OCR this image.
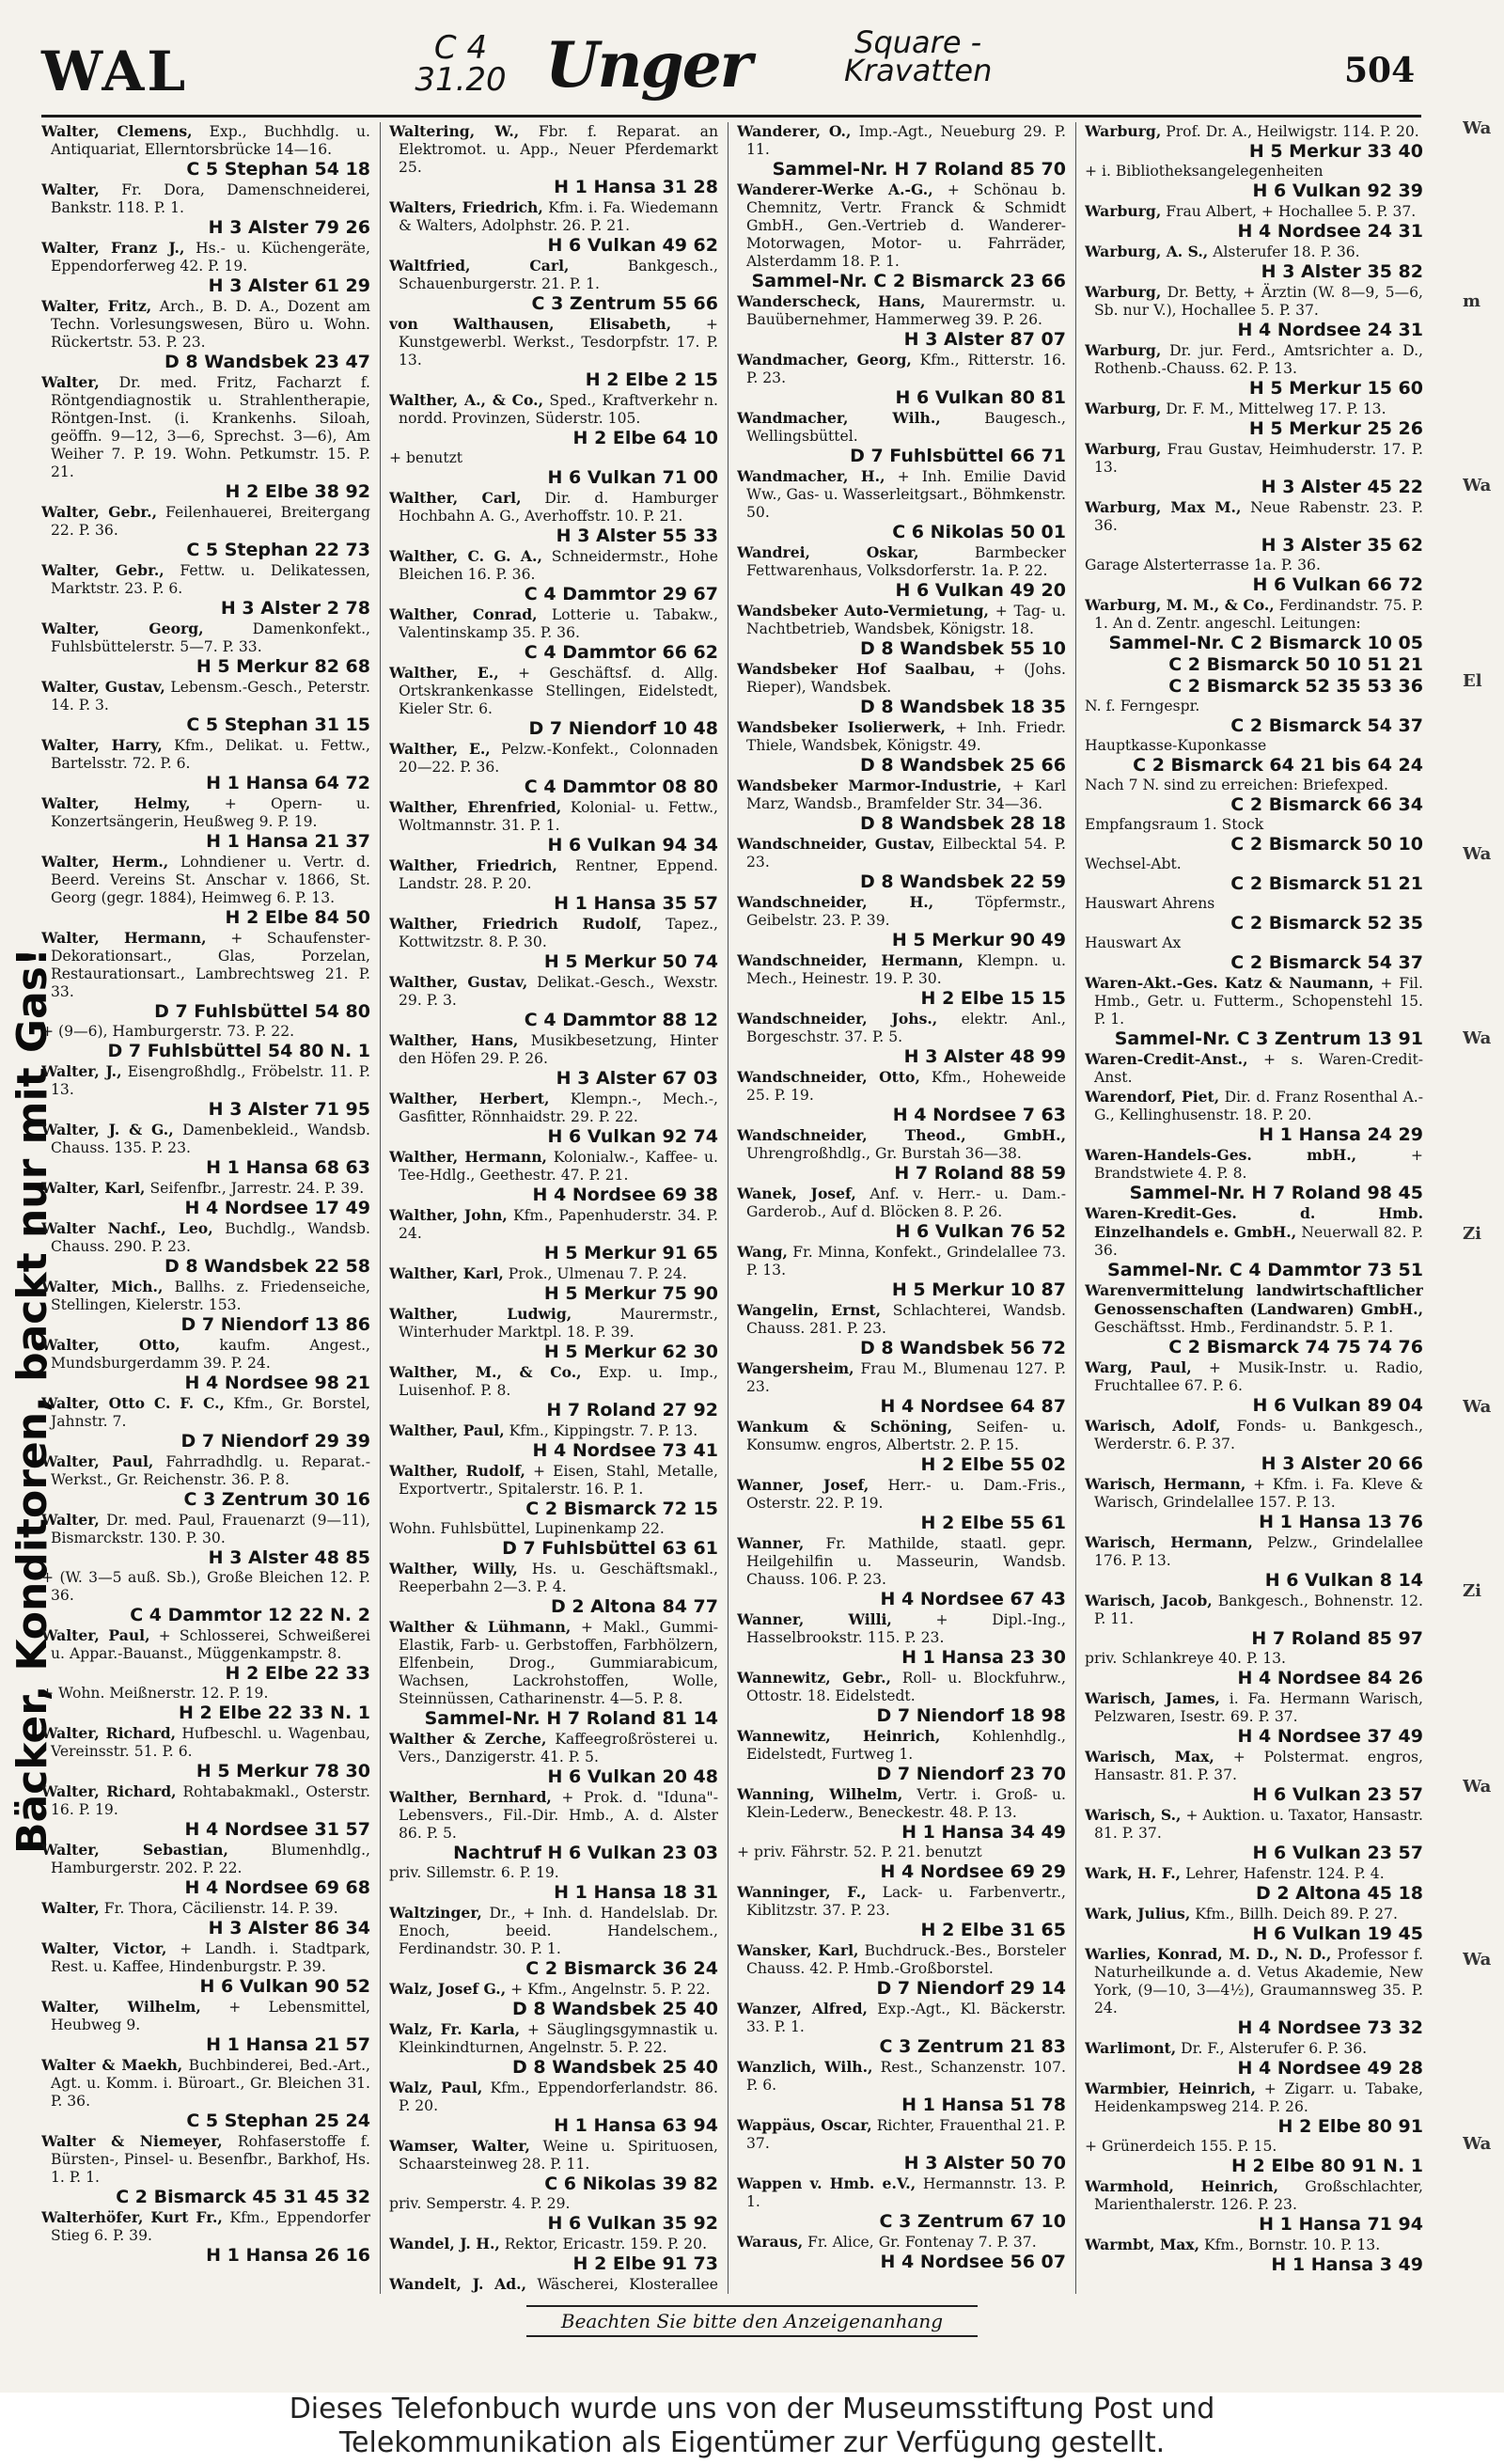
WAL	C 4
31.20 Unger	Square -
Kravatten	504
Bäcker, Konditoren, backt nur mit Gas!
Walter, Clemens, Exp., Buchhdlg. u. Antiquariat, Ellerntorsbrücke 14—16.
C 5 Stephan 54 18
Walter, Fr. Dora, Damenschneiderei, Bankstr. 118. P. 1.
H 3 Alster 79 26
Walter, Franz J., Hs.- u. Küchengeräte, Eppendorferweg 42. P. 19.
H 3 Alster 61 29
Walter, Fritz, Arch., B. D. A., Dozent am Techn. Vorlesungswesen, Büro u. Wohn. Rückertstr. 53. P. 23.
D 8 Wandsbek 23 47
Walter, Dr. med. Fritz, Facharzt f. Röntgendiagnostik u. Strahlentherapie, Röntgen-Inst. (i. Krankenhs. Siloah, geöffn. 9—12, 3—6, Sprechst. 3—6), Am Weiher 7. P. 19. Wohn. Petkumstr. 15. P. 21.
H 2 Elbe 38 92
Walter, Gebr., Feilenhauerei, Breitergang 22. P. 36.
C 5 Stephan 22 73
Walter, Gebr., Fettw. u. Delikatessen, Marktstr. 23. P. 6.
H 3 Alster 2 78
Walter, Georg,	Damenkonfekt., Fuhlsbüttelerstr. 5—7. P. 33.
H 5 Merkur 82 68
Walter, Gustav, Lebensm.-Gesch., Peterstr. 14. P. 3.
C 5 Stephan 31 15
Walter, Harry, Kfm., Delikat. u. Fettw., Bartelsstr. 72. P. 6.
H 1 Hansa 64 72
Walter, Helmy, + Opern- u. Konzertsängerin, Heußweg 9. P. 19.
H 1 Hansa 21 37
Walter, Herm., Lohndiener u. Vertr. d. Beerd. Vereins St. Anschar v. 1866, St. Georg (gegr. 1884), Heimweg 6. P. 13.
H 2 Elbe 84 50
Walter, Hermann, + Schaufenster-Dekorationsart., Glas, Porzelan, Restaurationsart., Lambrechtsweg 21. P. 33.
D 7 Fuhlsbüttel 54 80
+ (9—6), Hamburgerstr. 73. P. 22.
D 7 Fuhlsbüttel 54 80 N. 1
Walter, J., Eisengroßhdlg., Fröbelstr. 11. P. 13.
H 3 Alster 71 95
Walter, J. & G., Damenbekleid., Wandsb. Chauss. 135. P. 23.
H 1 Hansa 68 63
Walter, Karl, Seifenfbr., Jarrestr. 24. P. 39.
H 4 Nordsee 17 49
Walter Nachf., Leo, Buchdlg., Wandsb. Chauss. 290. P. 23.
D 8 Wandsbek 22 58
Walter, Mich., Ballhs. z. Friedenseiche, Stellingen, Kielerstr. 153.
D 7 Niendorf 13 86
Walter, Otto,	kaufm. Angest., Mundsburgerdamm 39. P. 24.
H 4 Nordsee 98 21
Walter, Otto C. F. C., Kfm., Gr. Borstel, Jahnstr. 7.
D 7 Niendorf 29 39
Walter, Paul, Fahrradhdlg. u. Reparat.-Werkst., Gr. Reichenstr. 36. P. 8.
C 3 Zentrum 30 16
Walter, Dr. med. Paul, Frauenarzt (9—11), Bismarckstr. 130. P. 30.
H 3 Alster 48 85
+ (W. 3—5 auß. Sb.), Große Bleichen 12. P. 36.
C 4 Dammtor 12 22 N. 2
Walter, Paul, + Schlosserei, Schweißerei u. Appar.-Bauanst., Müggenkampstr. 8.
H 2 Elbe 22 33
+ Wohn. Meißnerstr. 12. P. 19.
H 2 Elbe 22 33 N. 1
Walter, Richard, Hufbeschl. u. Wagenbau, Vereinsstr. 51. P. 6.
H 5 Merkur 78 30
Walter, Richard, Rohtabakmakl., Osterstr. 16. P. 19.
H 4 Nordsee 31 57
Walter, Sebastian,	Blumenhdlg., Hamburgerstr. 202. P. 22.
H 4 Nordsee 69 68
Walter, Fr. Thora, Cäcilienstr. 14. P. 39.
H 3 Alster 86 34
Walter, Victor, + Landh. i. Stadtpark, Rest. u. Kaffee, Hindenburgstr. P. 39.
H 6 Vulkan 90 52
Walter, Wilhelm, + Lebensmittel, Heubweg 9.
H 1 Hansa 21 57
Walter & Maekh, Buchbinderei, Bed.-Art., Agt. u. Komm. i. Büroart., Gr. Bleichen 31. P. 36.
C 5 Stephan 25 24
Walter & Niemeyer, Rohfaserstoffe f. Bürsten-, Pinsel- u. Besenfbr., Barkhof, Hs. 1. P. 1.
C 2 Bismarck 45 31 45 32
Walterhöfer, Kurt Fr., Kfm., Eppendorfer Stieg 6. P. 39.
H 1 Hansa 26 16
Waltering, W., Fbr. f. Reparat. an Elektromot. u. App., Neuer Pferdemarkt 25.
H 1 Hansa 31 28
Walters, Friedrich, Kfm. i. Fa. Wiedemann & Walters, Adolphstr. 26. P. 21.
H 6 Vulkan 49 62
Waltfried, Carl,	Bankgesch., Schauenburgerstr. 21. P. 1.
C 3 Zentrum 55 66
von Walthausen, Elisabeth, + Kunstgewerbl. Werkst., Tesdorpfstr. 17. P. 13.
H 2 Elbe 2 15
Walther, A., & Co., Sped., Kraftverkehr n. nordd. Provinzen, Süderstr. 105.
H 2 Elbe 64 10
+ benutzt
H 6 Vulkan 71 00
Walther, Carl, Dir. d. Hamburger Hochbahn A. G., Averhoffstr. 10. P. 21.
H 3 Alster 55 33
Walther, C. G. A., Schneidermstr., Hohe Bleichen 16. P. 36.
C 4 Dammtor 29 67
Walther, Conrad, Lotterie u. Tabakw., Valentinskamp 35. P. 36.
C 4 Dammtor 66 62
Walther, E., + Geschäftsf. d. Allg. Ortskrankenkasse Stellingen, Eidelstedt, Kieler Str. 6.
D 7 Niendorf 10 48
Walther, E., Pelzw.-Konfekt., Colonnaden 20—22. P. 36.
C 4 Dammtor 08 80
Walther, Ehrenfried, Kolonial- u. Fettw., Woltmannstr. 31. P. 1.
H 6 Vulkan 94 34
Walther, Friedrich, Rentner, Eppend. Landstr. 28. P. 20.
H 1 Hansa 35 57
Walther, Friedrich Rudolf, Tapez., Kottwitzstr. 8. P. 30.
H 5 Merkur 50 74
Walther, Gustav, Delikat.-Gesch., Wexstr. 29. P. 3.
C 4 Dammtor 88 12
Walther, Hans, Musikbesetzung, Hinter den Höfen 29. P. 26.
H 3 Alster 67 03
Walther, Herbert, Klempn.-, Mech.-, Gasfitter, Rönnhaidstr. 29. P. 22.
H 6 Vulkan 92 74
Walther, Hermann, Kolonialw.-, Kaffee- u. Tee-Hdlg., Geethestr. 47. P. 21.
H 4 Nordsee 69 38
Walther, John, Kfm., Papenhuderstr. 34. P. 24.
H 5 Merkur 91 65
Walther, Karl, Prok., Ulmenau 7. P. 24.
H 5 Merkur 75 90
Walther, Ludwig,	Maurermstr., Winterhuder Marktpl. 18. P. 39.
H 5 Merkur 62 30
Walther, M., & Co., Exp. u. Imp., Luisenhof. P. 8.
H 7 Roland 27 92
Walther, Paul, Kfm., Kippingstr. 7. P. 13.
H 4 Nordsee 73 41
Walther, Rudolf, + Eisen, Stahl, Metalle, Exportvertr., Spitalerstr. 16. P. 1.
C 2 Bismarck 72 15
Wohn. Fuhlsbüttel, Lupinenkamp 22.
D 7 Fuhlsbüttel 63 61
Walther, Willy, Hs. u. Geschäftsmakl., Reeperbahn 2—3. P. 4.
D 2 Altona 84 77
Walther & Lühmann, + Makl., Gummi-Elastik, Farb- u. Gerbstoffen, Farbhölzern, Elfenbein, Drog., Gummiarabicum, Wachsen, Lackrohstoffen, Wolle, Steinnüssen, Catharinenstr. 4—5. P. 8.
Sammel-Nr. H 7 Roland 81 14
Walther & Zerche, Kaffeegroßrösterei u. Vers., Danzigerstr. 41. P. 5.
H 6 Vulkan 20 48
Walther, Bernhard, + Prok. d. "Iduna"-Lebensvers., Fil.-Dir. Hmb., A. d. Alster 86. P. 5.
Nachtruf H 6 Vulkan 23 03
priv. Sillemstr. 6. P. 19.
H 1 Hansa 18 31
Waltzinger, Dr., + Inh. d. Handelslab. Dr. Enoch, beeid. Handelschem., Ferdinandstr. 30. P. 1.
C 2 Bismarck 36 24
Walz, Josef G., + Kfm., Angelnstr. 5. P. 22.
D 8 Wandsbek 25 40
Walz, Fr. Karla, + Säuglingsgymnastik u. Kleinkindturnen, Angelnstr. 5. P. 22.
D 8 Wandsbek 25 40
Walz, Paul, Kfm., Eppendorferlandstr. 86. P. 20.
H 1 Hansa 63 94
Wamser, Walter, Weine u. Spirituosen, Schaarsteinweg 28. P. 11.
C 6 Nikolas 39 82
priv. Semperstr. 4. P. 29.
H 6 Vulkan 35 92
Wandel, J. H., Rektor, Ericastr. 159. P. 20.
H 2 Elbe 91 73
Wandelt, J. Ad., Wäscherei, Klosterallee
Wanderer, O., Imp.-Agt., Neueburg 29. P. 11.
Sammel-Nr. H 7 Roland 85 70
Wanderer-Werke A.-G., + Schönau b. Chemnitz, Vertr. Franck & Schmidt GmbH., Gen.-Vertrieb d. Wanderer-Motorwagen, Motor- u. Fahrräder, Alsterdamm 18. P. 1.
Sammel-Nr. C 2 Bismarck 23 66
Wanderscheck, Hans, Maurermstr. u. Bauübernehmer, Hammerweg 39. P. 26.
H 3 Alster 87 07
Wandmacher, Georg, Kfm., Ritterstr. 16. P. 23.
H 6 Vulkan 80 81
Wandmacher, Wilh.,	Baugesch., Wellingsbüttel.
D 7 Fuhlsbüttel 66 71
Wandmacher, H., + Inh. Emilie David Ww., Gas- u. Wasserleitgsart., Böhmkenstr. 50.
C 6 Nikolas 50 01
Wandrei, Oskar,	Barmbecker Fettwarenhaus, Volksdorferstr. 1a. P. 22.
H 6 Vulkan 49 20
Wandsbeker Auto-Vermietung, + Tag- u. Nachtbetrieb, Wandsbek, Königstr. 18.
D 8 Wandsbek 55 10
Wandsbeker Hof Saalbau, + (Johs. Rieper), Wandsbek.
D 8 Wandsbek 18 35
Wandsbeker Isolierwerk, + Inh. Friedr. Thiele, Wandsbek, Königstr. 49.
D 8 Wandsbek 25 66
Wandsbeker Marmor-Industrie, + Karl Marz, Wandsb., Bramfelder Str. 34—36.
D 8 Wandsbek 28 18
Wandschneider, Gustav, Eilbecktal 54. P. 23.
D 8 Wandsbek 22 59
Wandschneider, H.,	Töpfermstr., Geibelstr. 23. P. 39.
H 5 Merkur 90 49
Wandschneider, Hermann, Klempn. u. Mech., Heinestr. 19. P. 30.
H 2 Elbe 15 15
Wandschneider, Johs., elektr. Anl., Borgeschstr. 37. P. 5.
H 3 Alster 48 99
Wandschneider, Otto, Kfm., Hoheweide 25. P. 19.
H 4 Nordsee 7 63
Wandschneider, Theod., GmbH., Uhrengroßhdlg., Gr. Burstah 36—38.
H 7 Roland 88 59
Wanek, Josef, Anf. v. Herr.- u. Dam.-Garderob., Auf d. Blöcken 8. P. 26.
H 6 Vulkan 76 52
Wang, Fr. Minna, Konfekt., Grindelallee 73. P. 13.
H 5 Merkur 10 87
Wangelin, Ernst, Schlachterei, Wandsb. Chauss. 281. P. 23.
D 8 Wandsbek 56 72
Wangersheim, Frau M., Blumenau 127. P. 23.
H 4 Nordsee 64 87
Wankum & Schöning, Seifen- u. Konsumw. engros, Albertstr. 2. P. 15.
H 2 Elbe 55 02
Wanner, Josef, Herr.- u. Dam.-Fris., Osterstr. 22. P. 19.
H 2 Elbe 55 61
Wanner, Fr. Mathilde, staatl. gepr. Heilgehilfin u. Masseurin, Wandsb. Chauss. 106. P. 23.
H 4 Nordsee 67 43
Wanner, Willi,	+ Dipl.-Ing., Hasselbrookstr. 115. P. 23.
H 1 Hansa 23 30
Wannewitz, Gebr., Roll- u. Blockfuhrw., Ottostr. 18. Eidelstedt.
D 7 Niendorf 18 98
Wannewitz, Heinrich, Kohlenhdlg., Eidelstedt, Furtweg 1.
D 7 Niendorf 23 70
Wanning, Wilhelm, Vertr. i. Groß- u. Klein-Lederw., Beneckestr. 48. P. 13.
H 1 Hansa 34 49
+ priv. Fährstr. 52. P. 21. benutzt
H 4 Nordsee 69 29
Wanninger, F., Lack- u. Farbenvertr., Kiblitzstr. 37. P. 23.
H 2 Elbe 31 65
Wansker, Karl, Buchdruck.-Bes., Borsteler Chauss. 42. P. Hmb.-Großborstel.
D 7 Niendorf 29 14
Wanzer, Alfred, Exp.-Agt., Kl. Bäckerstr. 33. P. 1.
C 3 Zentrum 21 83
Wanzlich, Wilh., Rest., Schanzenstr. 107. P. 6.
H 1 Hansa 51 78
Wappäus, Oscar, Richter, Frauenthal 21. P. 37.
H 3 Alster 50 70
Wappen v. Hmb. e.V., Hermannstr. 13. P. 1.
C 3 Zentrum 67 10
Waraus, Fr. Alice, Gr. Fontenay 7. P. 37.
H 4 Nordsee 56 07
Warburg, Prof. Dr. A., Heilwigstr. 114. P. 20.
H 5 Merkur 33 40
+ i. Bibliotheksangelegenheiten
H 6 Vulkan 92 39
Warburg, Frau Albert, + Hochallee 5. P. 37.
H 4 Nordsee 24 31
Warburg, A. S., Alsterufer 18. P. 36.
H 3 Alster 35 82
Warburg, Dr. Betty, + Ärztin (W. 8—9, 5—6, Sb. nur V.), Hochallee 5. P. 37.
H 4 Nordsee 24 31
Warburg, Dr. jur. Ferd., Amtsrichter a. D., Rothenb.-Chauss. 62. P. 13.
H 5 Merkur 15 60
Warburg, Dr. F. M., Mittelweg 17. P. 13.
H 5 Merkur 25 26
Warburg, Frau Gustav, Heimhuderstr. 17. P. 13.
H 3 Alster 45 22
Warburg, Max M., Neue Rabenstr. 23. P. 36.
H 3 Alster 35 62
Garage Alsterterrasse 1a. P. 36.
H 6 Vulkan 66 72
Warburg, M. M., & Co., Ferdinandstr. 75. P. 1. An d. Zentr. angeschl. Leitungen:
Sammel-Nr. C 2 Bismarck 10 05
C 2 Bismarck 50 10 51 21
C 2 Bismarck 52 35 53 36
N. f. Ferngespr.
C 2 Bismarck 54 37
Hauptkasse-Kuponkasse
C 2 Bismarck 64 21 bis 64 24
Nach 7 N. sind zu erreichen: Briefexped.
C 2 Bismarck 66 34
Empfangsraum 1. Stock
C 2 Bismarck 50 10
Wechsel-Abt.
C 2 Bismarck 51 21
Hauswart Ahrens
C 2 Bismarck 52 35
Hauswart Ax
C 2 Bismarck 54 37
Waren-Akt.-Ges. Katz & Naumann, + Fil. Hmb., Getr. u. Futterm., Schopenstehl 15. P. 1.
Sammel-Nr. C 3 Zentrum 13 91
Waren-Credit-Anst., + s. Waren-Credit-Anst.
Warendorf, Piet, Dir. d. Franz Rosenthal A.-G., Kellinghusenstr. 18. P. 20.
H 1 Hansa 24 29
Waren-Handels-Ges. mbH.,	+ Brandstwiete 4. P. 8.
Sammel-Nr. H 7 Roland 98 45
Waren-Kredit-Ges. d. Hmb. Einzelhandels e. GmbH., Neuerwall 82. P. 36.
Sammel-Nr. C 4 Dammtor 73 51
Warenvermittelung landwirtschaftlicher Genossenschaften (Landwaren) GmbH., Geschäftsst. Hmb., Ferdinandstr. 5. P. 1.
C 2 Bismarck 74 75 74 76
Warg, Paul, + Musik-Instr. u. Radio, Fruchtallee 67. P. 6.
H 6 Vulkan 89 04
Warisch, Adolf, Fonds- u. Bankgesch., Werderstr. 6. P. 37.
H 3 Alster 20 66
Warisch, Hermann, + Kfm. i. Fa. Kleve & Warisch, Grindelallee 157. P. 13.
H 1 Hansa 13 76
Warisch, Hermann, Pelzw., Grindelallee 176. P. 13.
H 6 Vulkan 8 14
Warisch, Jacob, Bankgesch., Bohnenstr. 12. P. 11.
H 7 Roland 85 97
priv. Schlankreye 40. P. 13.
H 4 Nordsee 84 26
Warisch, James, i. Fa. Hermann Warisch, Pelzwaren, Isestr. 69. P. 37.
H 4 Nordsee 37 49
Warisch, Max, + Polstermat. engros, Hansastr. 81. P. 37.
H 6 Vulkan 23 57
Warisch, S., + Auktion. u. Taxator, Hansastr. 81. P. 37.
H 6 Vulkan 23 57
Wark, H. F., Lehrer, Hafenstr. 124. P. 4.
D 2 Altona 45 18
Wark, Julius, Kfm., Billh. Deich 89. P. 27.
H 6 Vulkan 19 45
Warlies, Konrad, M. D., N. D., Professor f. Naturheilkunde a. d. Vetus Akademie, New York, (9—10, 3—4½), Graumannsweg 35. P. 24.
H 4 Nordsee 73 32
Warlimont, Dr. F., Alsterufer 6. P. 36.
H 4 Nordsee 49 28
Warmbier, Heinrich, + Zigarr. u. Tabake, Heidenkampsweg 214. P. 26.
H 2 Elbe 80 91
+ Grünerdeich 155. P. 15.
H 2 Elbe 80 91 N. 1
Warmhold, Heinrich, Großschlachter, Marienthalerstr. 126. P. 23.
H 1 Hansa 71 94
Warmbt, Max, Kfm., Bornstr. 10. P. 13.
H 1 Hansa 3 49
Wa
m
Wa
El
Wa
Wa
Zi
Wa
Zi
Wa
Wa
Wa
Beachten Sie bitte den Anzeigenanhang
Dieses Telefonbuch wurde uns von der Museumsstiftung Post und
Telekommunikation als Eigentümer zur Verfügung gestellt.
